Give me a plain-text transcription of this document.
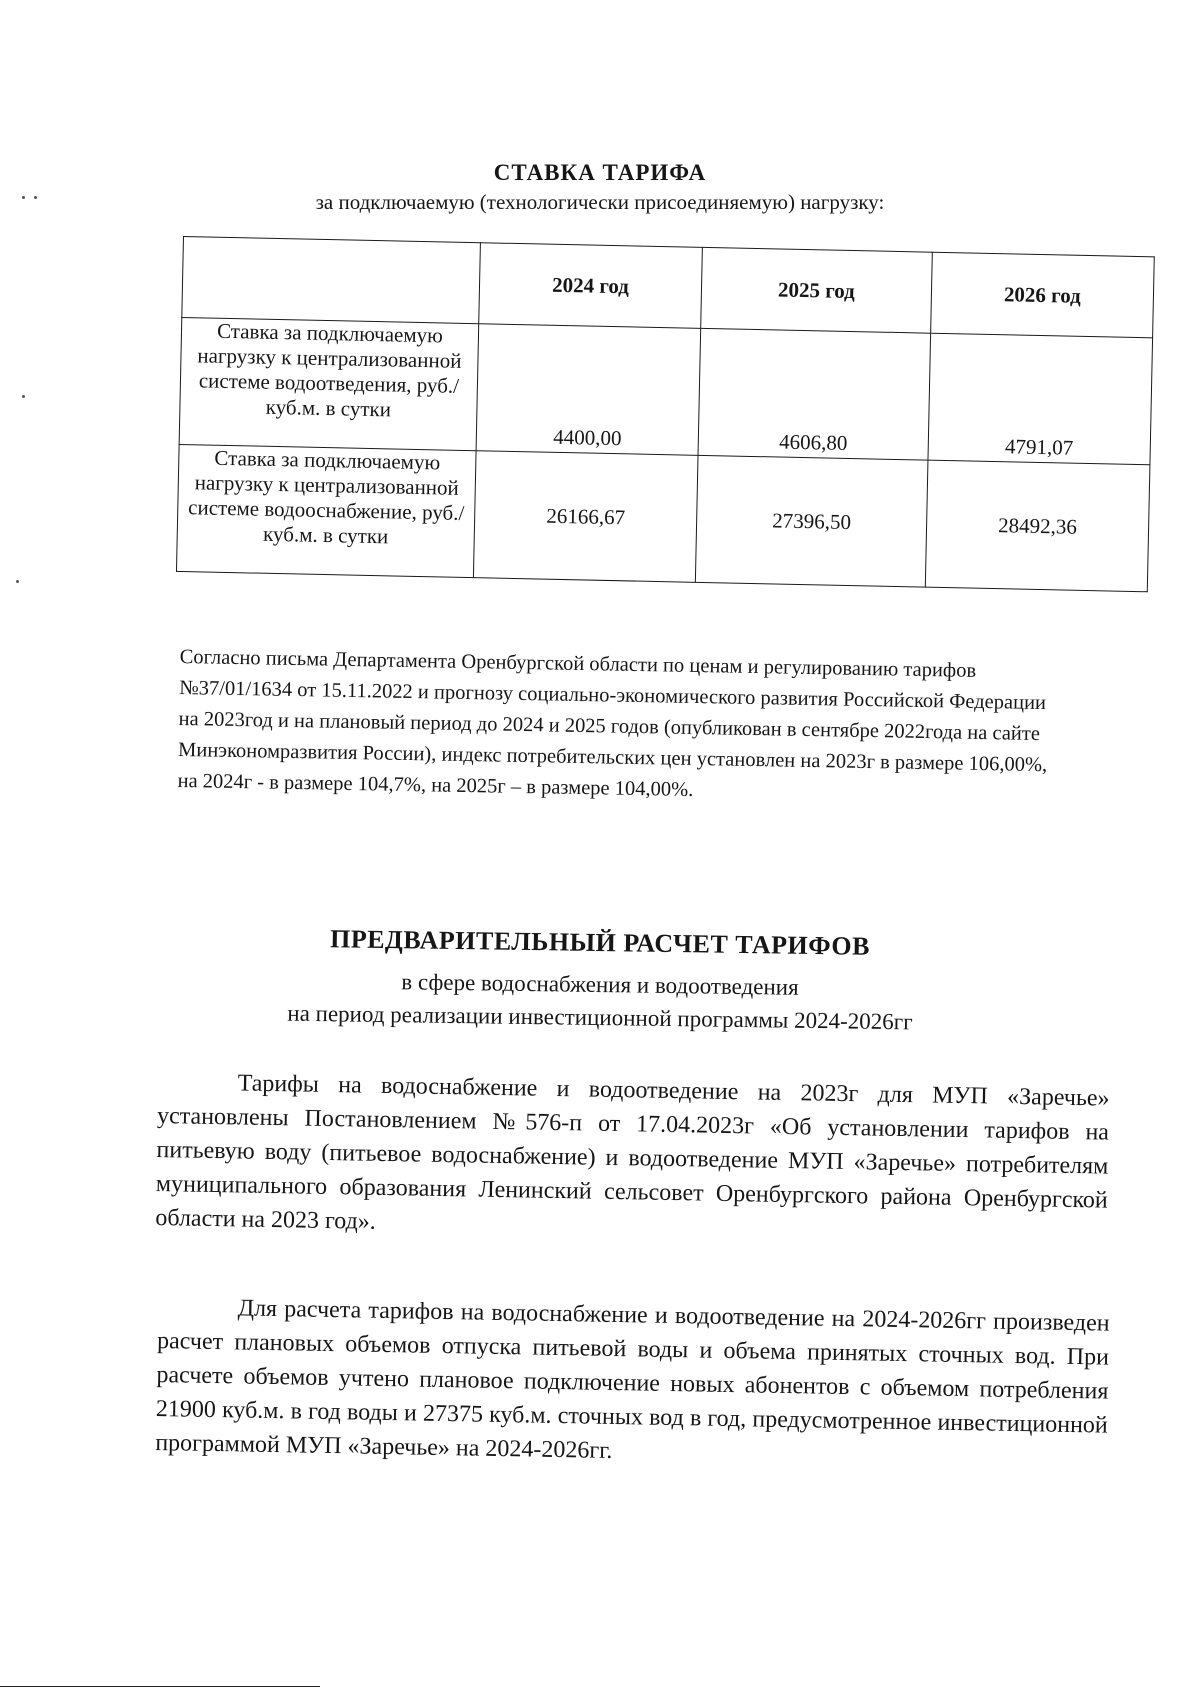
СТАВКА ТАРИФА
за подключаемую (технологически присоединяемую) нагрузку:
	2024 год	2025 год	2026 год
Ставка за подключаемую нагрузку к централизованной системе водоотведения, руб./куб.м. в сутки	4400,00	4606,80	4791,07
Ставка за подключаемую нагрузку к централизованной системе водооснабжение, руб./куб.м. в сутки	26166,67	27396,50	28492,36
Согласно письма Департамента Оренбургской области по ценам и регулированию тарифов №37/01/1634 от 15.11.2022 и прогнозу социально-экономического развития Российской Федерации на 2023год и на плановый период до 2024 и 2025 годов (опубликован в сентябре 2022года на сайте Минэкономразвития России), индекс потребительских цен установлен на 2023г в размере 106,00%, на 2024г - в размере 104,7%, на 2025г – в размере 104,00%.
ПРЕДВАРИТЕЛЬНЫЙ РАСЧЕТ ТАРИФОВ
в сфере водоснабжения и водоотведения
на период реализации инвестиционной программы 2024-2026гг
Тарифы на водоснабжение и водоотведение на 2023г для МУП «Заречье» установлены Постановлением №576-п от 17.04.2023г «Об установлении тарифов на питьевую воду (питьевое водоснабжение) и водоотведение МУП «Заречье» потребителям муниципального образования Ленинский сельсовет Оренбургского района Оренбургской области на 2023 год».
Для расчета тарифов на водоснабжение и водоотведение на 2024-2026гг произведен расчет плановых объемов отпуска питьевой воды и объема принятых сточных вод. При расчете объемов учтено плановое подключение новых абонентов с объемом потребления 21900 куб.м. в год воды и 27375 куб.м. сточных вод в год, предусмотренное инвестиционной программой МУП «Заречье» на 2024-2026гг.
